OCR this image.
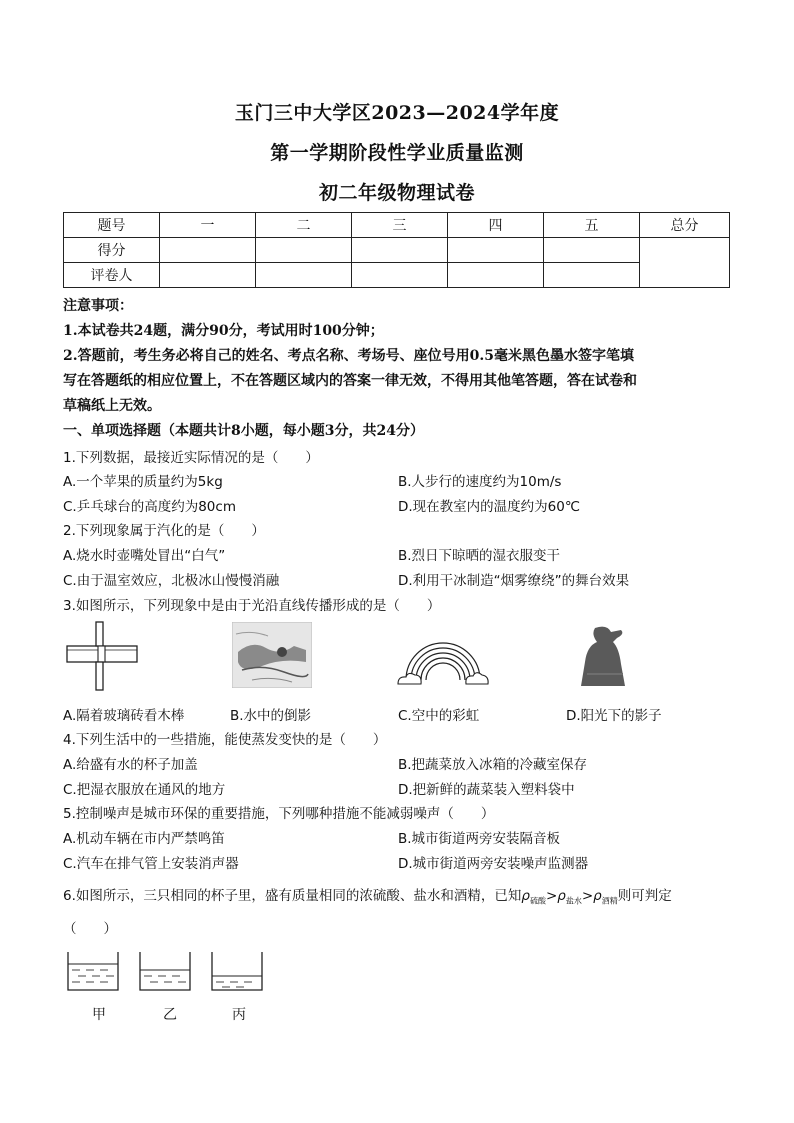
玉门三中大学区2023—2024学年度
第一学期阶段性学业质量监测
初二年级物理试卷
题号	一	二	三	四	五	总分
得分						
评卷人						
注意事项：
1.本试卷共24题，满分90分，考试用时100分钟；
2.答题前，考生务必将自己的姓名、考点名称、考场号、座位号用0.5毫米黑色墨水签字笔填
写在答题纸的相应位置上，不在答题区域内的答案一律无效，不得用其他笔答题，答在试卷和
草稿纸上无效。
一、单项选择题（本题共计8小题，每小题3分，共24分）
1.下列数据，最接近实际情况的是（　　）
A.一个苹果的质量约为5kg	B.人步行的速度约为10m/s
C.乒乓球台的高度约为80cm	D.现在教室内的温度约为60℃
2.下列现象属于汽化的是（　　）
A.烧水时壶嘴处冒出“白气”	B.烈日下晾晒的湿衣服变干
C.由于温室效应，北极冰山慢慢消融	D.利用干冰制造“烟雾缭绕”的舞台效果
3.如图所示，下列现象中是由于光沿直线传播形成的是（　　）
A.隔着玻璃砖看木棒	B.水中的倒影	C.空中的彩虹	D.阳光下的影子
4.下列生活中的一些措施，能使蒸发变快的是（　　）
A.给盛有水的杯子加盖	B.把蔬菜放入冰箱的冷藏室保存
C.把湿衣服放在通风的地方	D.把新鲜的蔬菜装入塑料袋中
5.控制噪声是城市环保的重要措施，下列哪种措施不能减弱噪声（　　）
A.机动车辆在市内严禁鸣笛	B.城市街道两旁安装隔音板
C.汽车在排气管上安装消声器	D.城市街道两旁安装噪声监测器
6.如图所示，三只相同的杯子里，盛有质量相同的浓硫酸、盐水和酒精，已知$\rho_{硫酸}>\rho_{盐水}>\rho_{酒精}$则可判定
（　　）
甲	乙	丙
